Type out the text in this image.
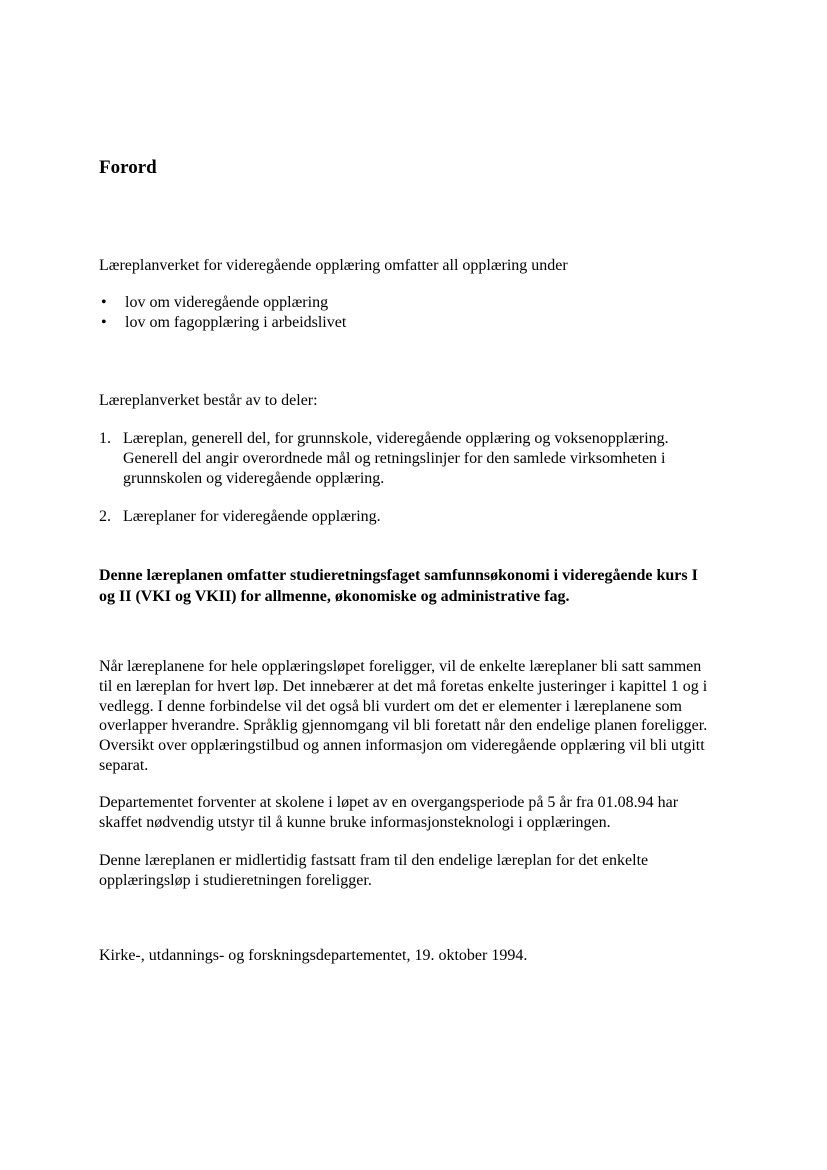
Forord

Læreplanverket for videregående opplæring omfatter all opplæring under

• lov om videregående opplæring
• lov om fagopplæring i arbeidslivet

Læreplanverket består av to deler:

1. Læreplan, generell del, for grunnskole, videregående opplæring og voksenopplæring.
Generell del angir overordnede mål og retningslinjer for den samlede virksomheten i
grunnskolen og videregående opplæring.
2. Læreplaner for videregående opplæring.
Denne læreplanen omfatter studieretningsfaget samfunnsøkonomi i videregående kurs I
og II (VKI og VKII) for allmenne, økonomiske og administrative fag.
Når læreplanene for hele opplæringsløpet foreligger, vil de enkelte læreplaner bli satt sammen
til en læreplan for hvert løp. Det innebærer at det må foretas enkelte justeringer i kapittel 1 og i
vedlegg. I denne forbindelse vil det også bli vurdert om det er elementer i læreplanene som
overlapper hverandre. Språklig gjennomgang vil bli foretatt når den endelige planen foreligger.
Oversikt over opplæringstilbud og annen informasjon om videregående opplæring vil bli utgitt
separat.
Departementet forventer at skolene i løpet av en overgangsperiode på 5 år fra 01.08.94 har
skaffet nødvendig utstyr til å kunne bruke informasjonsteknologi i opplæringen.
Denne læreplanen er midlertidig fastsatt fram til den endelige læreplan for det enkelte
opplæringsløp i studieretningen foreligger.

Kirke-, utdannings- og forskningsdepartementet, 19. oktober 1994.
